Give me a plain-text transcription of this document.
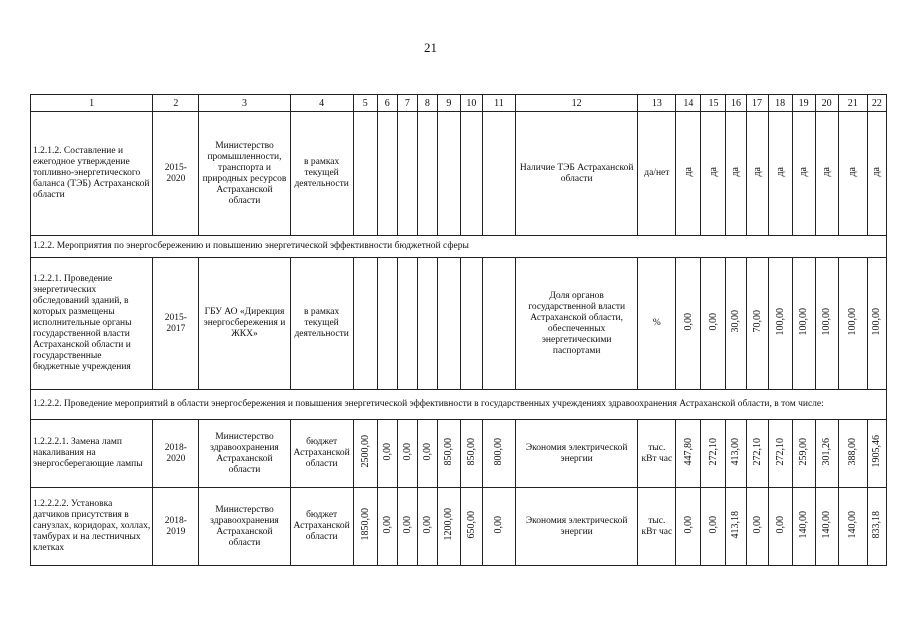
21
1	2	3	4	5	6	7	8	9	10	11	12	13	14	15	16	17	18	19	20	21	22
1.2.1.2. Составление и ежегодное утверждение топливно-энергетического баланса (ТЭБ) Астраханской области	2015-2020	Министерство промышленности, транспорта и природных ресурсов Астраханской области	в рамках текущей деятельности								Наличие ТЭБ Астраханской области	да/нет	да	да	да	да	да	да	да	да	да
1.2.2. Мероприятия по энергосбережению и повышению энергетической эффективности бюджетной сферы																					
1.2.2.1. Проведение энергетических обследований зданий, в которых размещены исполнительные органы государственной власти Астраханской области и государственные бюджетные учреждения	2015-2017	ГБУ АО «Дирекция энергосбережения и ЖКХ»	в рамках текущей деятельности								Доля органов государственной власти Астраханской области, обеспеченных энергетическими паспортами	%	0,00	0,00	30,00	70,00	100,00	100,00	100,00	100,00	100,00
1.2.2.2. Проведение мероприятий в области энергосбережения и повышения энергетической эффективности в государственных учреждениях здравоохранения Астраханской области, в том числе:																					
1.2.2.2.1. Замена ламп накаливания на энергосберегающие лампы	2018-2020	Министерство здравоохранения Астраханской области	бюджет Астраханской области	2500,00	0,00	0,00	0,00	850,00	850,00	800,00	Экономия электрической энергии	тыс. кВт час	447,80	272,10	413,00	272,10	272,10	259,00	301,26	388,00	1905,46
1.2.2.2.2. Установка датчиков присутствия в санузлах, коридорах, холлах, тамбурах и на лестничных клетках	2018-2019	Министерство здравоохранения Астраханской области	бюджет Астраханской области	1850,00	0,00	0,00	0,00	1200,00	650,00	0,00	Экономия электрической энергии	тыс. кВт час	0,00	0,00	413,18	0,00	0,00	140,00	140,00	140,00	833,18
